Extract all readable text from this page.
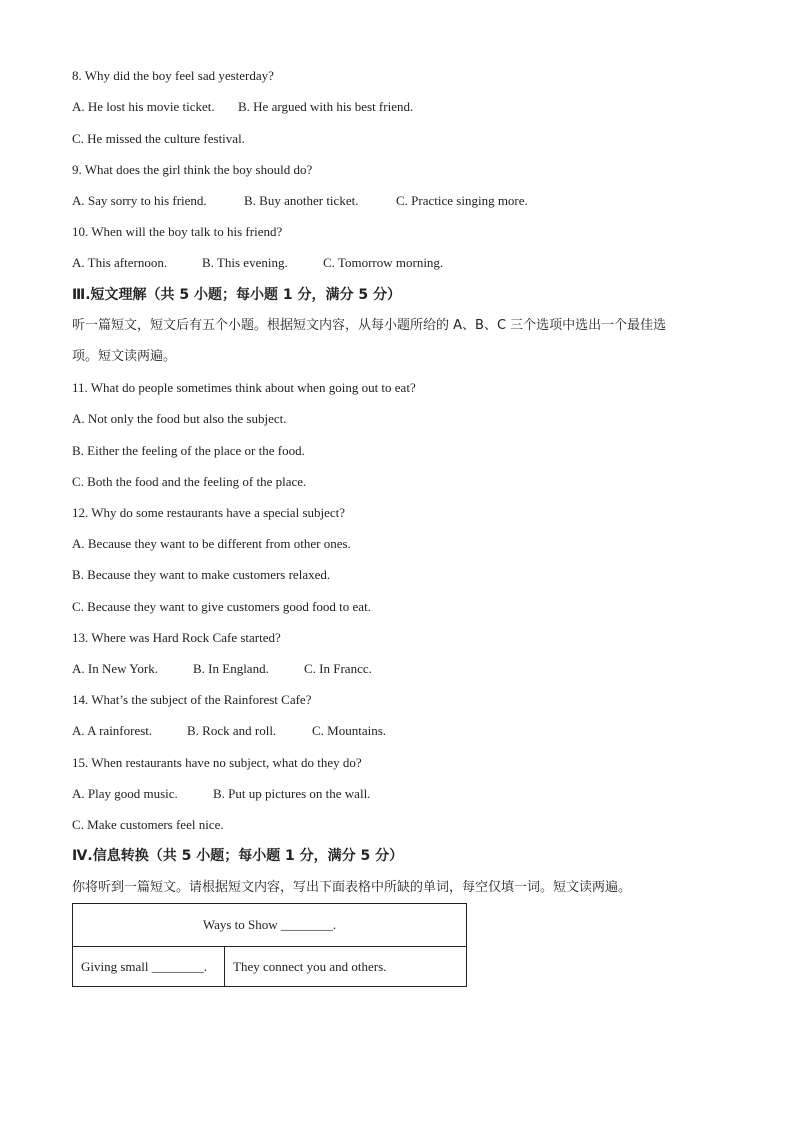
8. Why did the boy feel sad yesterday?
A. He lost his movie ticket. B. He argued with his best friend.
C. He missed the culture festival.
9. What does the girl think the boy should do?
A. Say sorry to his friend.	B. Buy another ticket.	C. Practice singing more.
10. When will the boy talk to his friend?
A. This afternoon.	B. This evening.	C. Tomorrow morning.
Ⅲ.短文理解（共 5 小题；每小题 1 分，满分 5 分）
听一篇短文，短文后有五个小题。根据短文内容，从每小题所给的 A、B、C 三个选项中选出一个最佳选
项。短文读两遍。
11. What do people sometimes think about when going out to eat?
A. Not only the food but also the subject.
B. Either the feeling of the place or the food.
C. Both the food and the feeling of the place.
12. Why do some restaurants have a special subject?
A. Because they want to be different from other ones.
B. Because they want to make customers relaxed.
C. Because they want to give customers good food to eat.
13. Where was Hard Rock Cafe started?
A. In New York.	B. In England.	C. In Francc.
14. What’s the subject of the Rainforest Cafe?
A. A rainforest.	B. Rock and roll.	C. Mountains.
15. When restaurants have no subject, what do they do?
A. Play good music.	B. Put up pictures on the wall.
C. Make customers feel nice.
Ⅳ.信息转换（共 5 小题；每小题 1 分，满分 5 分）
你将听到一篇短文。请根据短文内容，写出下面表格中所缺的单词，每空仅填一词。短文读两遍。
Ways to Show ________.
Giving small ________.	They connect you and others.
